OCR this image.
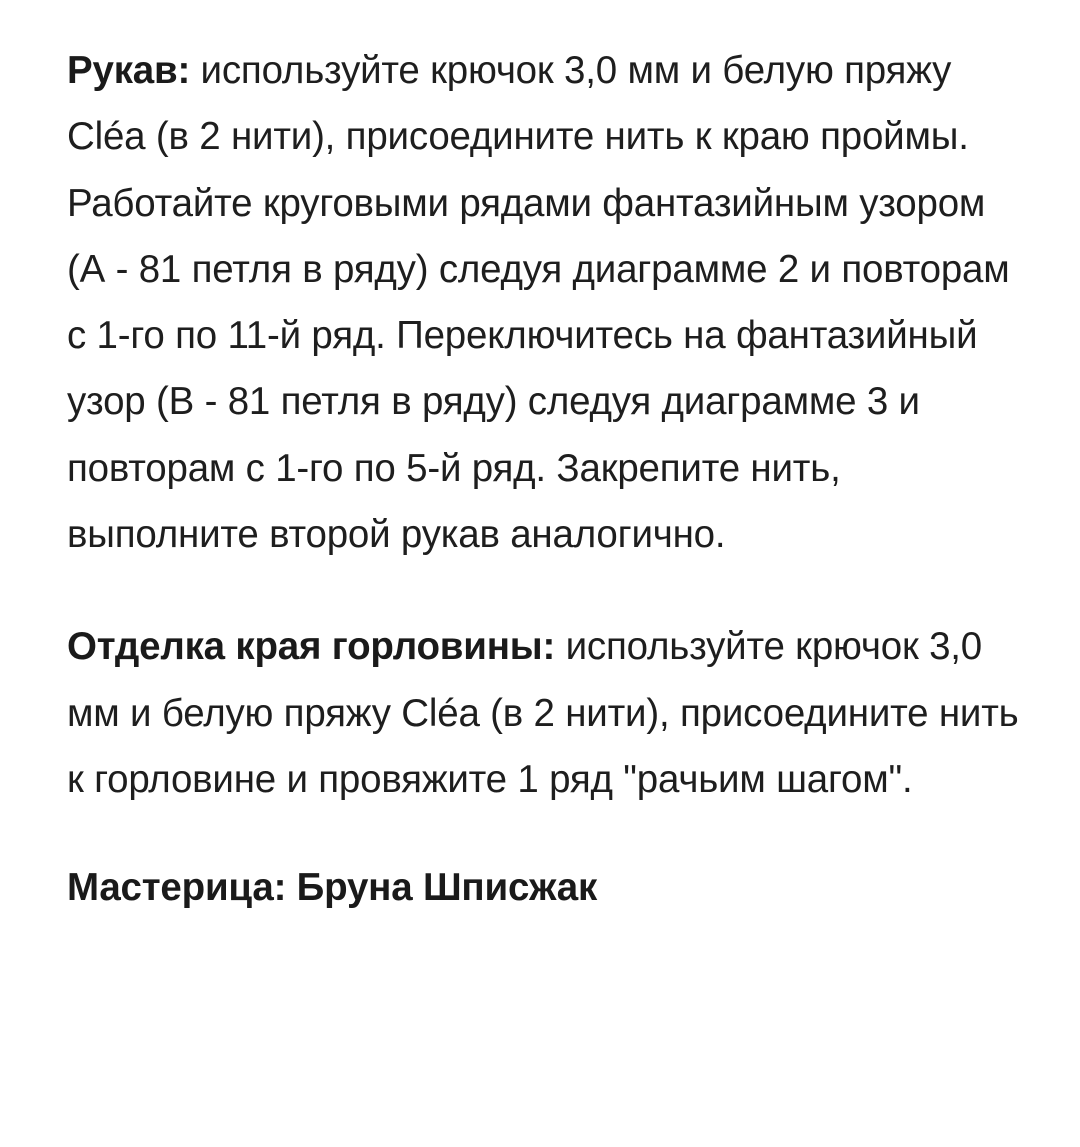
Рукав: используйте крючок 3,0 мм и белую пряжу Cléa (в 2 нити), присоедините нить к краю проймы. Работайте круговыми рядами фантазийным узором (А - 81 петля в ряду) следуя диаграмме 2 и повторам с 1-го по 11-й ряд. Переключитесь на фантазийный узор (В - 81 петля в ряду) следуя диаграмме 3 и повторам с 1-го по 5-й ряд. Закрепите нить, выполните второй рукав аналогично.

Отделка края горловины: используйте крючок 3,0 мм и белую пряжу Cléa (в 2 нити), присоедините нить к горловине и провяжите 1 ряд "рачьим шагом".

Мастерица: Бруна Шписжак
